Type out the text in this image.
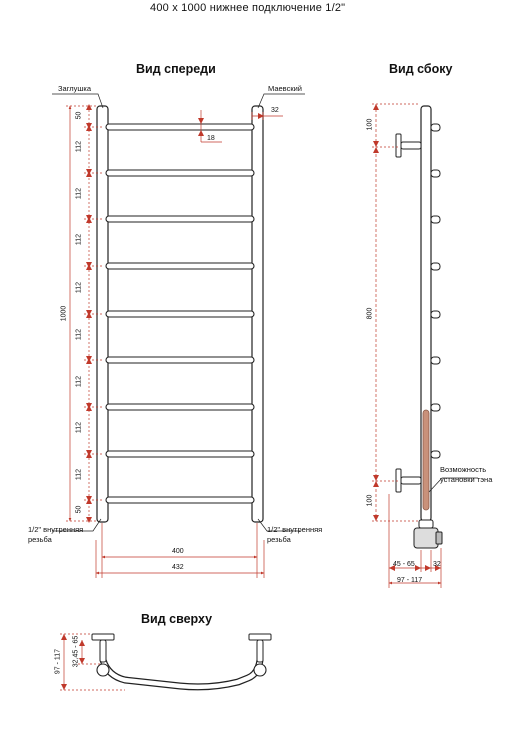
400 x 1000 нижнее подключение 1/2"
Вид спереди	Вид сбоку
Вид сверху
Заглушка	Маевский
1/2" внутренняя
резьба
1/2" внутренняя
резьба
1000
50
112
112
112
112
112
112
112
112
50
32
18
400
432
Возможность
установки тэна
100
800
100
45 - 65	32
97 - 117
97 - 117 32,45 - 65
